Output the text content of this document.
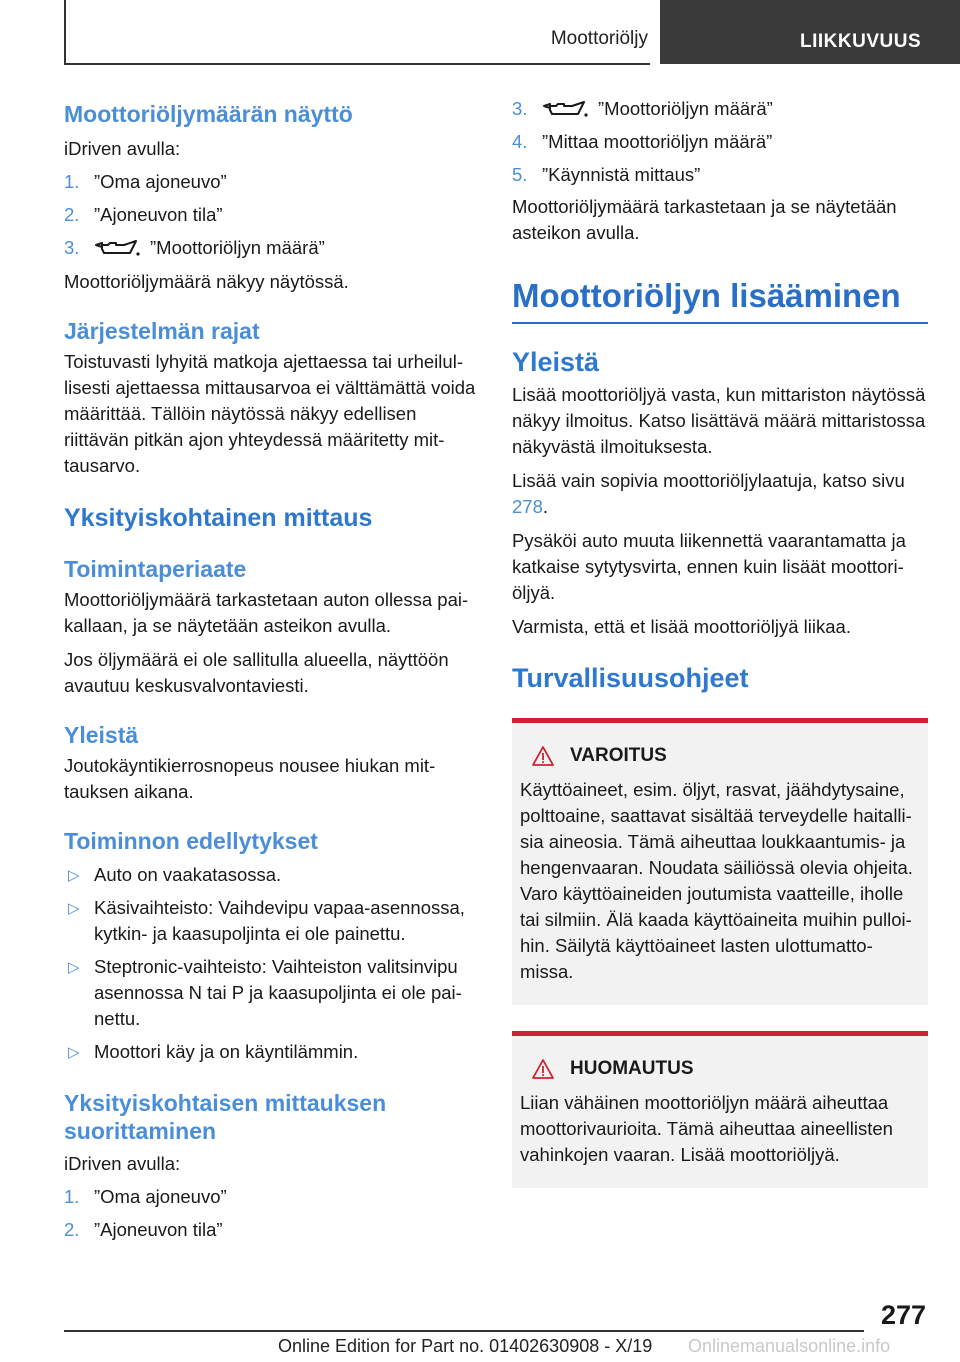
Moottoriöljy	LIIKKUVUUS
Moottoriöljymäärän näyttö

iDriven avulla:

1. ”Oma ajoneuvo”
2. ”Ajoneuvon tila”
3.	”Moottoriöljyn määrä”

Moottoriöljymäärä näkyy näytössä.

Järjestelmän rajat

Toistuvasti lyhyitä matkoja ajettaessa tai urheilullisesti ajettaessa mittausarvoa ei välttämättä voida määrittää. Tällöin näytössä näkyy edellisen riittävän pitkän ajon yhteydessä määritetty mittausarvo.

Yksityiskohtainen mittaus
Toimintaperiaate

Moottoriöljymäärä tarkastetaan auton ollessa paikallaan, ja se näytetään asteikon avulla.

Jos öljymäärä ei ole sallitulla alueella, näyttöön avautuu keskusvalvontaviesti.

Yleistä

Joutokäyntikierrosnopeus nousee hiukan mittauksen aikana.

Toiminnon edellytykset
▷ Auto on vaakatasossa.
▷ Käsivaihteisto: Vaihdevipu vapaa-asennossa, kytkin- ja kaasupoljinta ei ole painettu.
▷ Steptronic-vaihteisto: Vaihteiston valitsinvipu asennossa N tai P ja kaasupoljinta ei ole painettu.
▷ Moottori käy ja on käyntilämmin.
Yksityiskohtaisen mittauksen suorittaminen

iDriven avulla:

1. ”Oma ajoneuvo”
2. ”Ajoneuvon tila”
3.	”Moottoriöljyn määrä”
4. ”Mittaa moottoriöljyn määrä”
5. ”Käynnistä mittaus”

Moottoriöljymäärä tarkastetaan ja se näytetään asteikon avulla.

Moottoriöljyn lisääminen
Yleistä

Lisää moottoriöljyä vasta, kun mittariston näytössä näkyy ilmoitus. Katso lisättävä määrä mittaristossa näkyvästä ilmoituksesta.

Lisää vain sopivia moottoriöljylaatuja, katso sivu 278.

Pysäköi auto muuta liikennettä vaarantamatta ja katkaise sytytysvirta, ennen kuin lisäät moottoriöljyä.

Varmista, että et lisää moottoriöljyä liikaa.

Turvallisuusohjeet
VAROITUS

Käyttöaineet, esim. öljyt, rasvat, jäähdytysaine, polttoaine, saattavat sisältää terveydelle haitallisia aineosia. Tämä aiheuttaa loukkaantumis- ja hengenvaaran. Noudata säiliössä olevia ohjeita. Varo käyttöaineiden joutumista vaatteille, iholle tai silmiin. Älä kaada käyttöaineita muihin pulloihin. Säilytä käyttöaineet lasten ulottumattomissa.

HUOMAUTUS

Liian vähäinen moottoriöljyn määrä aiheuttaa moottorivaurioita. Tämä aiheuttaa aineellisten vahinkojen vaaran. Lisää moottoriöljyä.

277
Online Edition for Part no. 01402630908 - X/19 Onlinemanualsonline.info
